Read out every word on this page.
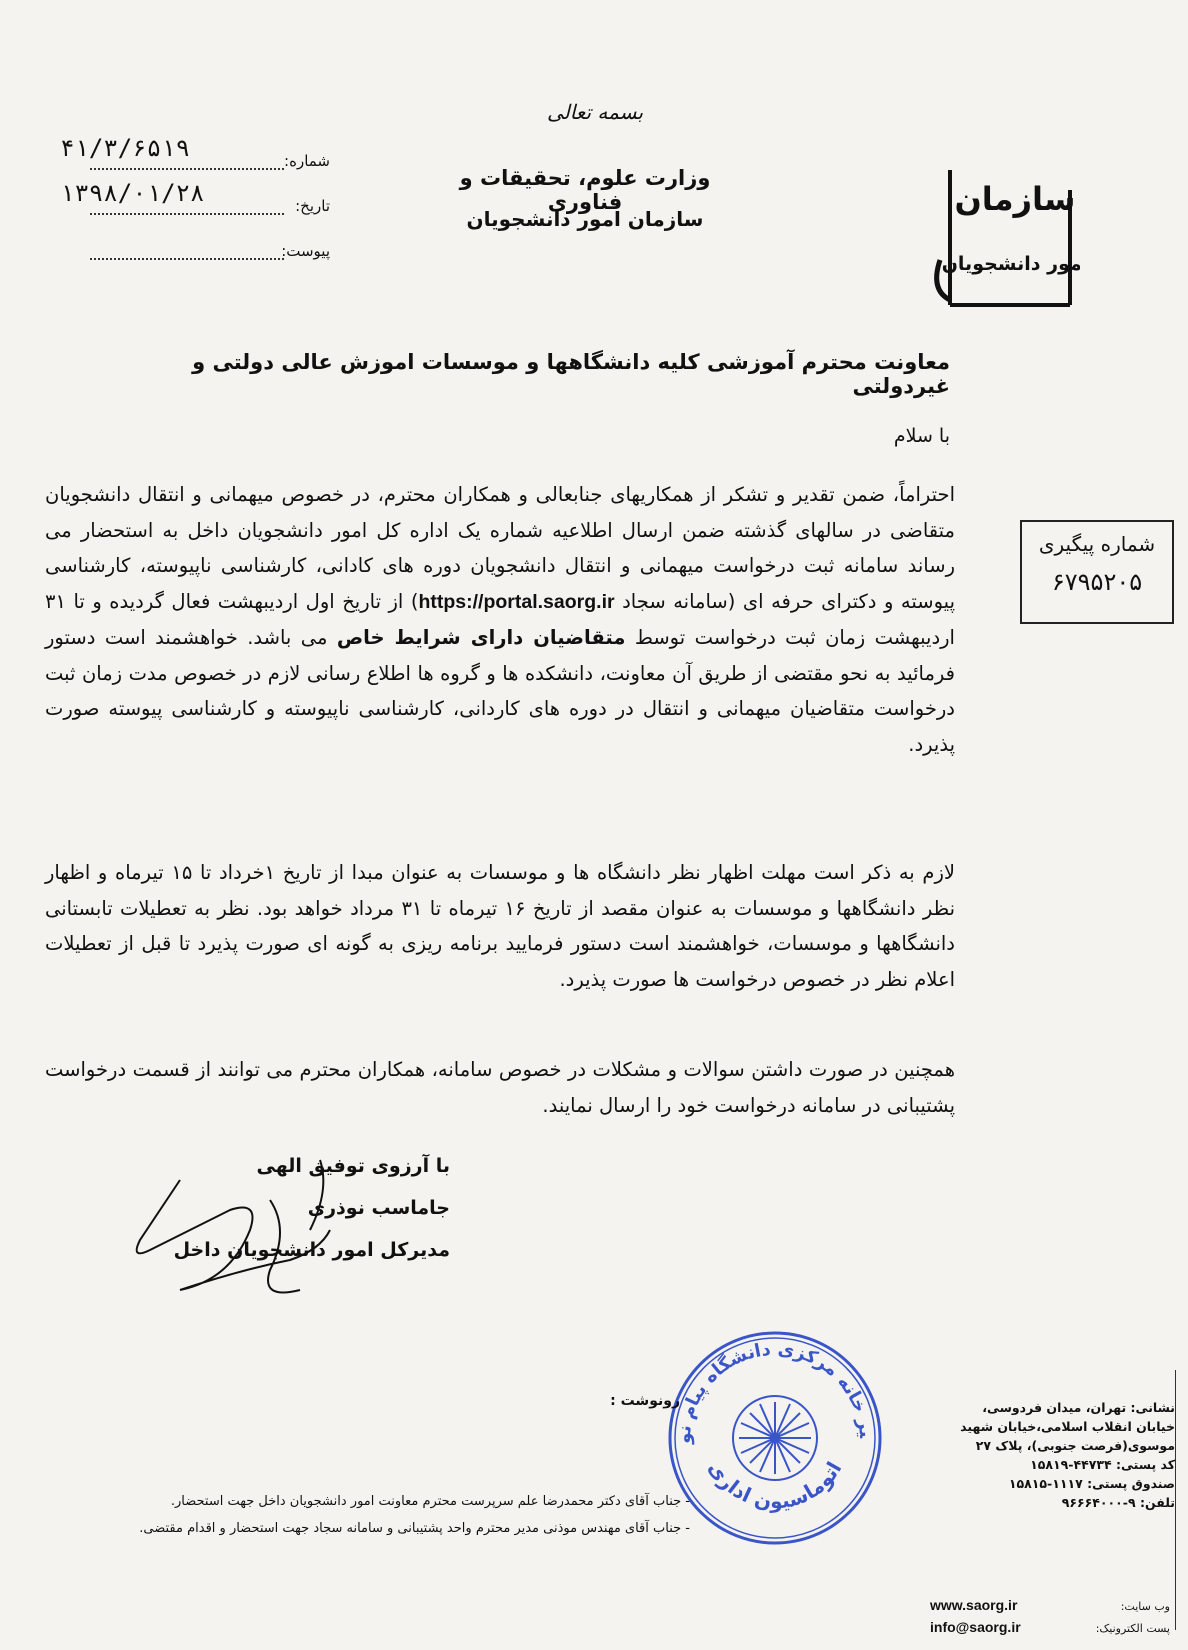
بسمه تعالی
وزارت علوم، تحقیقات و فناوری
سازمان امور دانشجویان
شماره:
۴۱/۳/۶۵۱۹
تاریخ:
۱۳۹۸/۰۱/۲۸
پیوست:
سازمان
امور دانشجویان
معاونت محترم آموزشی کلیه دانشگاهها و موسسات اموزش عالی دولتی و غیردولتی
با سلام
احتراماً، ضمن تقدیر و تشکر از همکاریهای جنابعالی و همکاران محترم، در خصوص میهمانی و انتقال دانشجویان متقاضی در سالهای گذشته ضمن ارسال اطلاعیه شماره یک اداره کل امور دانشجویان داخل به استحضار می رساند سامانه ثبت درخواست میهمانی و انتقال دانشجویان دوره های کادانی، کارشناسی ناپیوسته، کارشناسی پیوسته و دکترای حرفه ای (سامانه سجاد https://portal.saorg.ir) از تاریخ اول اردیبهشت فعال گردیده و تا ۳۱ اردیبهشت زمان ثبت درخواست توسط متقاضیان دارای شرایط خاص می باشد. خواهشمند است دستور فرمائید به نحو مقتضی از طریق آن معاونت، دانشکده ها و گروه ها اطلاع رسانی لازم در خصوص مدت زمان ثبت درخواست متقاضیان میهمانی و انتقال در دوره های کاردانی، کارشناسی ناپیوسته و کارشناسی پیوسته صورت پذیرد.
لازم به ذکر است مهلت اظهار نظر دانشگاه ها و موسسات به عنوان مبدا از تاریخ ۱خرداد تا ۱۵ تیرماه و اظهار نظر دانشگاهها و موسسات به عنوان مقصد از تاریخ ۱۶ تیرماه تا ۳۱ مرداد خواهد بود. نظر به تعطیلات تابستانی دانشگاهها و موسسات، خواهشمند است دستور فرمایید برنامه ریزی به گونه ای صورت پذیرد تا قبل از تعطیلات اعلام نظر در خصوص درخواست ها صورت پذیرد.
همچنین در صورت داشتن سوالات و مشکلات در خصوص سامانه، همکاران محترم می توانند از قسمت درخواست پشتیبانی در سامانه درخواست خود را ارسال نمایند.
شماره پیگیری
۶۷۹۵۲۰۵
با آرزوی توفیق الهی
جاماسب نوذری
مدیرکل امور دانشجویان داخل
یر خانه مرکزی دانشگاه پیام نو
اتوماسیون اداری
رونوشت :
- جناب آقای دکتر محمدرضا علم سرپرست محترم معاونت امور دانشجویان داخل جهت استحضار.
- جناب آقای مهندس موذنی مدیر محترم واحد پشتیبانی و سامانه سجاد جهت استحضار و اقدام مقتضی.
نشانی: تهران، میدان فردوسی،
خیابان انقلاب اسلامی،خیابان شهید
موسوی(فرصت جنوبی)، پلاک ۲۷
کد پستی: ۴۴۷۳۴-۱۵۸۱۹
صندوق پستی: ۱۱۱۷-۱۵۸۱۵
تلفن: ۹-۹۶۶۶۴۰۰۰
وب سایت:
www.saorg.ir
پست الکترونیک:
info@saorg.ir
